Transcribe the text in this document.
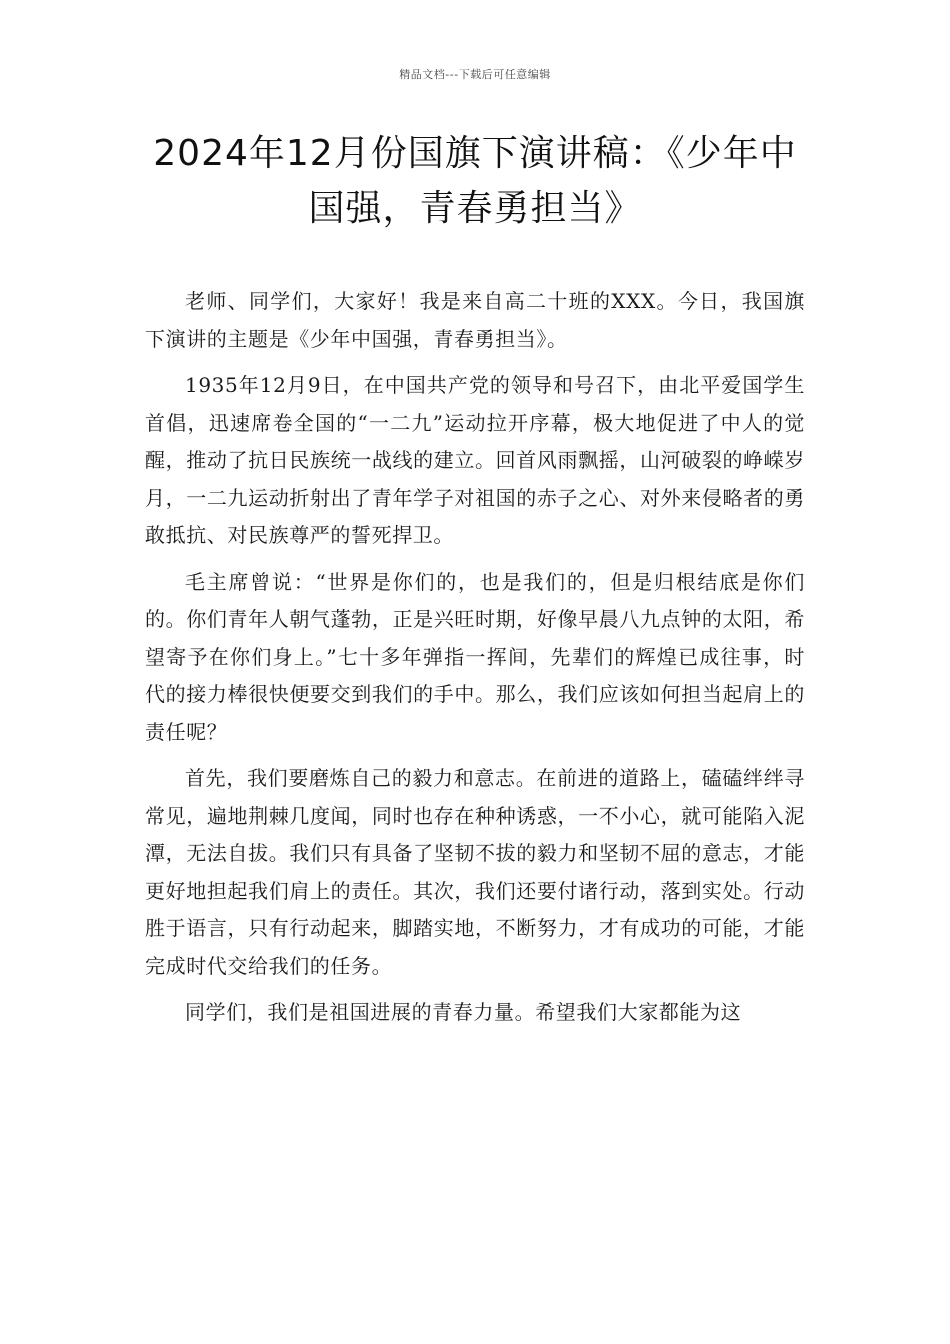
精品文档---下载后可任意编辑
2024年12月份国旗下演讲稿：《少年中国强，青春勇担当》

老师、同学们，大家好！我是来自高二十班的XXX。今日，我国旗下演讲的主题是《少年中国强，青春勇担当》。

1935年12月9日，在中国共产党的领导和号召下，由北平爱国学生首倡，迅速席卷全国的“一二九”运动拉开序幕，极大地促进了中人的觉醒，推动了抗日民族统一战线的建立。回首风雨飘摇，山河破裂的峥嵘岁月，一二九运动折射出了青年学子对祖国的赤子之心、对外来侵略者的勇敢抵抗、对民族尊严的誓死捍卫。

毛主席曾说：“世界是你们的，也是我们的，但是归根结底是你们的。你们青年人朝气蓬勃，正是兴旺时期，好像早晨八九点钟的太阳，希望寄予在你们身上。”七十多年弹指一挥间，先辈们的辉煌已成往事，时代的接力棒很快便要交到我们的手中。那么，我们应该如何担当起肩上的责任呢？

首先，我们要磨炼自己的毅力和意志。在前进的道路上，磕磕绊绊寻常见，遍地荆棘几度闻，同时也存在种种诱惑，一不小心，就可能陷入泥潭，无法自拔。我们只有具备了坚韧不拔的毅力和坚韧不屈的意志，才能更好地担起我们肩上的责任。其次，我们还要付诸行动，落到实处。行动胜于语言，只有行动起来，脚踏实地，不断努力，才有成功的可能，才能完成时代交给我们的任务。

同学们，我们是祖国进展的青春力量。希望我们大家都能为这
